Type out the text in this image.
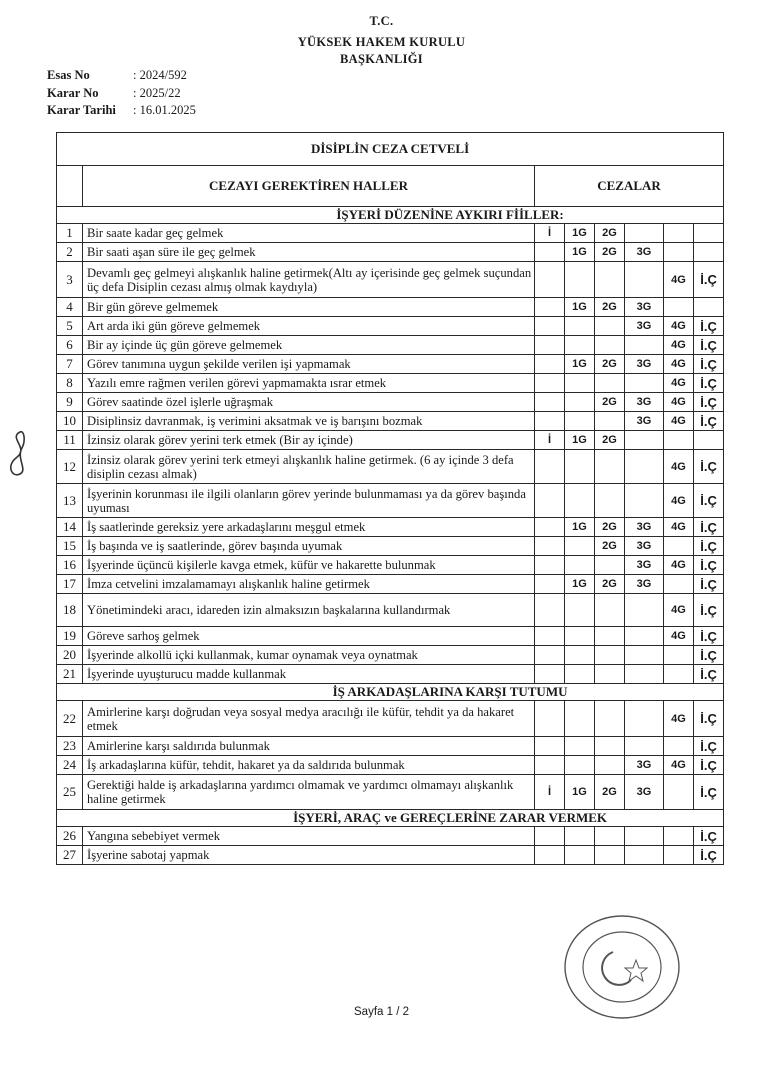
T.C.
YÜKSEK HAKEM KURULU
BAŞKANLIĞI
Esas No	: 2024/592
Karar No	: 2025/22
Karar Tarihi : 16.01.2025
DİSİPLİN CEZA CETVELİ							
	CEZAYI GEREKTİREN HALLER	CEZALAR					
İŞYERİ DÜZENİNE AYKIRI FİİLLER:							
1	Bir saate kadar geç gelmek	İ	1G	2G			
2	Bir saati aşan süre ile geç gelmek		1G	2G	3G		
3	Devamlı geç gelmeyi alışkanlık haline getirmek(Altı ay içerisinde geç gelmek suçundan üç defa Disiplin cezası almış olmak kaydıyla)					4G	İ.Ç
4	Bir gün göreve gelmemek		1G	2G	3G		
5	Art arda iki gün göreve gelmemek				3G	4G	İ.Ç
6	Bir ay içinde üç gün göreve gelmemek					4G	İ.Ç
7	Görev tanımına uygun şekilde verilen işi yapmamak		1G	2G	3G	4G	İ.Ç
8	Yazılı emre rağmen verilen görevi yapmamakta ısrar etmek					4G	İ.Ç
9	Görev saatinde özel işlerle uğraşmak			2G	3G	4G	İ.Ç
10	Disiplinsiz davranmak, iş verimini aksatmak ve iş barışını bozmak				3G	4G	İ.Ç
11	İzinsiz olarak görev yerini terk etmek (Bir ay içinde)	İ	1G	2G			
12	İzinsiz olarak görev yerini terk etmeyi alışkanlık haline getirmek. (6 ay içinde 3 defa disiplin cezası almak)					4G	İ.Ç
13	İşyerinin korunması ile ilgili olanların görev yerinde bulunmaması ya da görev başında uyuması					4G	İ.Ç
14	İş saatlerinde gereksiz yere arkadaşlarını meşgul etmek		1G	2G	3G	4G	İ.Ç
15	İş başında ve iş saatlerinde, görev başında uyumak			2G	3G		İ.Ç
16	İşyerinde üçüncü kişilerle kavga etmek, küfür ve hakarette bulunmak				3G	4G	İ.Ç
17	İmza cetvelini imzalamamayı alışkanlık haline getirmek		1G	2G	3G		İ.Ç
18	Yönetimindeki aracı, idareden izin almaksızın başkalarına kullandırmak					4G	İ.Ç
19	Göreve sarhoş gelmek					4G	İ.Ç
20	İşyerinde alkollü içki kullanmak, kumar oynamak veya oynatmak						İ.Ç
21	İşyerinde uyuşturucu madde kullanmak						İ.Ç
İŞ ARKADAŞLARINA KARŞI TUTUMU							
22	Amirlerine karşı doğrudan veya sosyal medya aracılığı ile küfür, tehdit ya da hakaret etmek					4G	İ.Ç
23	Amirlerine karşı saldırıda bulunmak						İ.Ç
24	İş arkadaşlarına küfür, tehdit, hakaret ya da saldırıda bulunmak				3G	4G	İ.Ç
25	Gerektiği halde iş arkadaşlarına yardımcı olmamak ve yardımcı olmamayı alışkanlık haline getirmek	İ	1G	2G	3G		İ.Ç
İŞYERİ, ARAÇ ve GEREÇLERİNE ZARAR VERMEK							
26	Yangına sebebiyet vermek						İ.Ç
27	İşyerine sabotaj yapmak						İ.Ç
Sayfa 1 / 2
